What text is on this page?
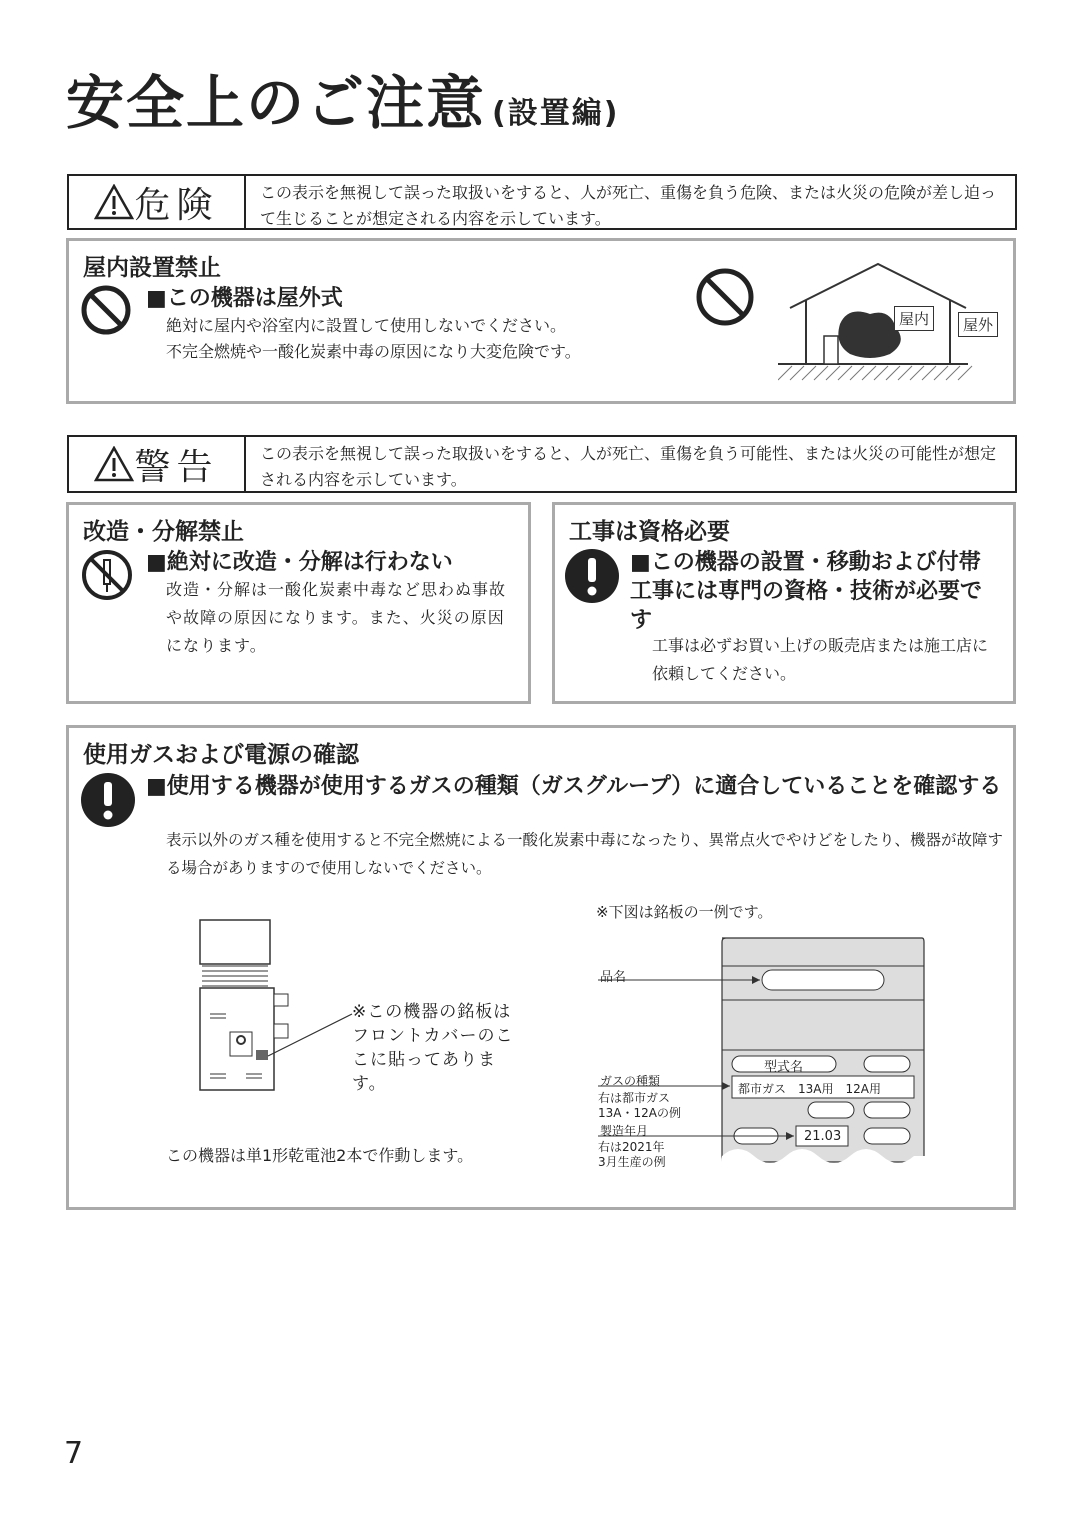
安全上のご注意 (設置編)
危険	この表示を無視して誤った取扱いをすると、人が死亡、重傷を負う危険、または火災の危険が差し迫って生じることが想定される内容を示しています。
屋内設置禁止
■この機器は屋外式
絶対に屋内や浴室内に設置して使用しないでください。
不完全燃焼や一酸化炭素中毒の原因になり大変危険です。
屋内	屋外
警告	この表示を無視して誤った取扱いをすると、人が死亡、重傷を負う可能性、または火災の可能性が想定される内容を示しています。
改造・分解禁止
■絶対に改造・分解は行わない
改造・分解は一酸化炭素中毒など思わぬ事故や故障の原因になります。また、火災の原因になります。
工事は資格必要
■この機器の設置・移動および付帯工事には専門の資格・技術が必要です
工事は必ずお買い上げの販売店または施工店に依頼してください。
使用ガスおよび電源の確認
■使用する機器が使用するガスの種類（ガスグループ）に適合していることを確認する
表示以外のガス種を使用すると不完全燃焼による一酸化炭素中毒になったり、異常点火でやけどをしたり、機器が故障する場合がありますので使用しないでください。
※この機器の銘板はフロントカバーのここに貼ってあります。
この機器は単1形乾電池2本で作動します。
※下図は銘板の一例です。
品名
型式名
ガスの種類
右は都市ガス
13A・12Aの例
都市ガス　13A用　12A用
製造年月
右は2021年
3月生産の例
21.03
7
